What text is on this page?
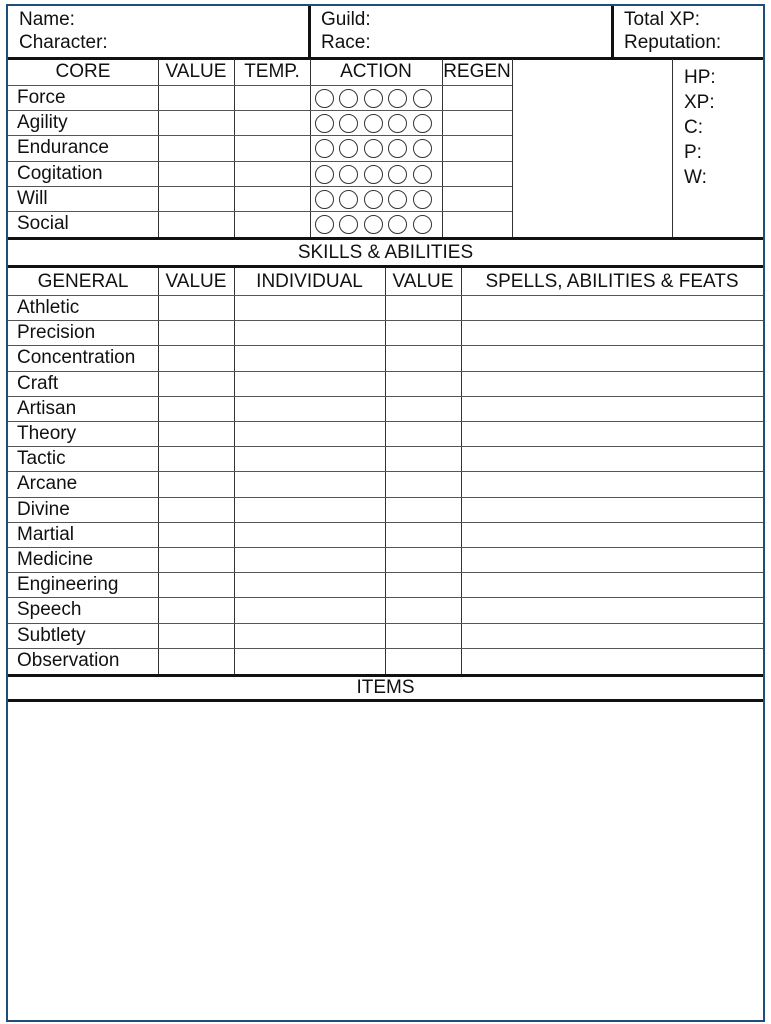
Name:
Character:
Guild:
Race:
Total XP:
Reputation:
CORE	VALUE TEMP.	ACTION	REGEN
Force
Agility
Endurance
Cogitation
Will
Social
HP:
XP:
C:
P:
W:
SKILLS & ABILITIES
GENERAL	VALUE	INDIVIDUAL	VALUE	SPELLS, ABILITIES & FEATS
Athletic
Precision
Concentration
Craft
Artisan
Theory
Tactic
Arcane
Divine
Martial
Medicine
Engineering
Speech
Subtlety
Observation
ITEMS
